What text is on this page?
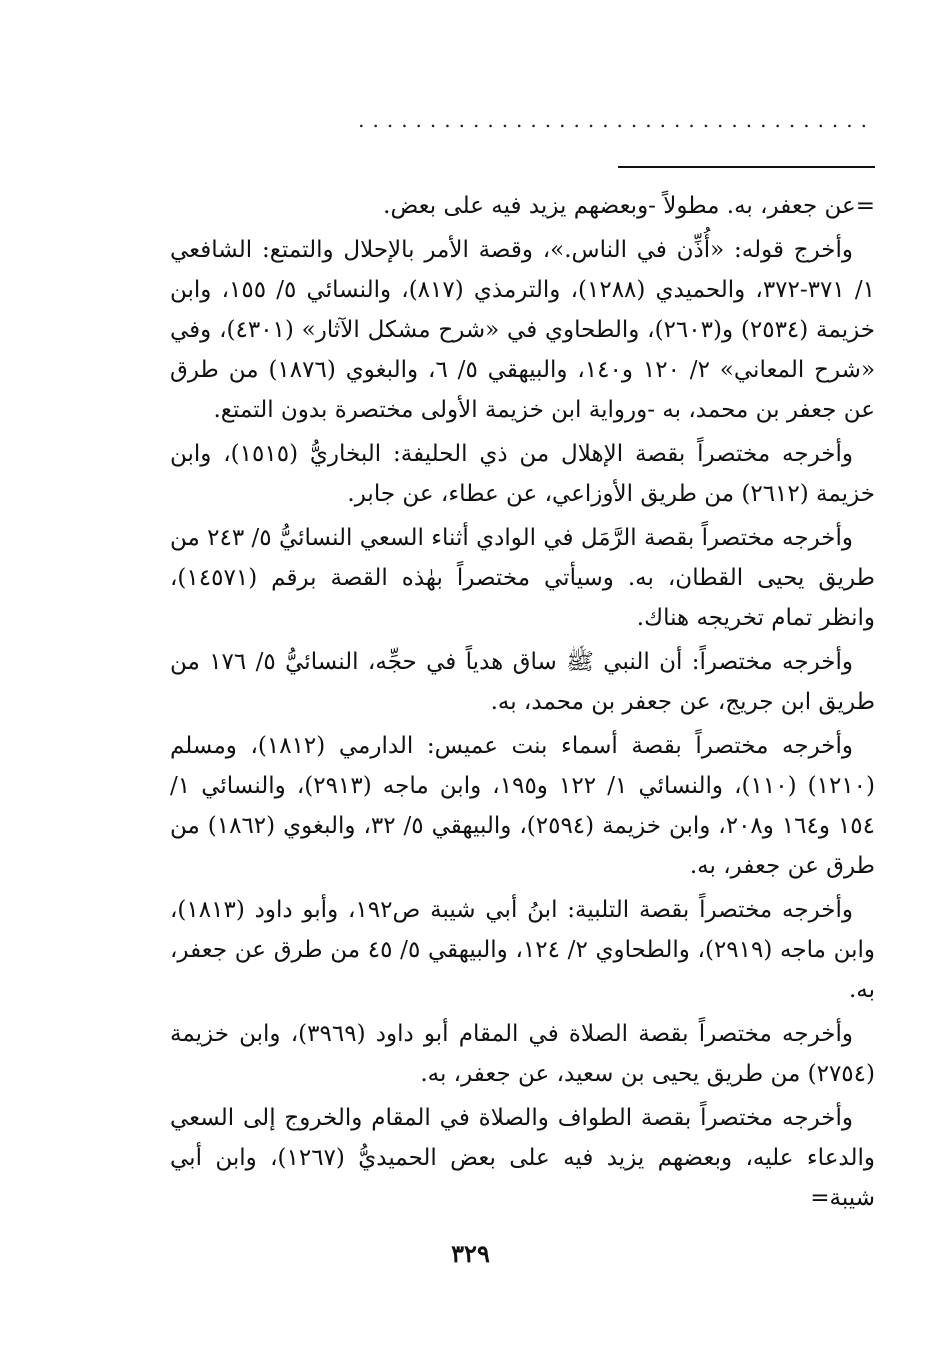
....................................

=عن جعفر، به. مطولاً -وبعضهم يزيد فيه على بعض.

وأخرج قوله: «أُذِّن في الناس.»، وقصة الأمر بالإحلال والتمتع: الشافعي ١/ ٣٧١-٣٧٢، والحميدي (١٢٨٨)، والترمذي (٨١٧)، والنسائي ٥/ ١٥٥، وابن خزيمة (٢٥٣٤) و(٢٦٠٣)، والطحاوي في «شرح مشكل الآثار» (٤٣٠١)، وفي «شرح المعاني» ٢/ ١٢٠ و١٤٠، والبيهقي ٥/ ٦، والبغوي (١٨٧٦) من طرق عن جعفر بن محمد، به -ورواية ابن خزيمة الأولى مختصرة بدون التمتع.

وأخرجه مختصراً بقصة الإهلال من ذي الحليفة: البخاريُّ (١٥١٥)، وابن خزيمة (٢٦١٢) من طريق الأوزاعي، عن عطاء، عن جابر.

وأخرجه مختصراً بقصة الرَّمَل في الوادي أثناء السعي النسائيُّ ٥/ ٢٤٣ من طريق يحيى القطان، به. وسيأتي مختصراً بهٰذه القصة برقم (١٤٥٧١)، وانظر تمام تخريجه هناك.

وأخرجه مختصراً: أن النبي ﷺ ساق هدياً في حجِّه، النسائيُّ ٥/ ١٧٦ من طريق ابن جريج، عن جعفر بن محمد، به.

وأخرجه مختصراً بقصة أسماء بنت عميس: الدارمي (١٨١٢)، ومسلم (١٢١٠) (١١٠)، والنسائي ١/ ١٢٢ و١٩٥، وابن ماجه (٢٩١٣)، والنسائي ١/ ١٥٤ و١٦٤ و٢٠٨، وابن خزيمة (٢٥٩٤)، والبيهقي ٥/ ٣٢، والبغوي (١٨٦٢) من طرق عن جعفر، به.

وأخرجه مختصراً بقصة التلبية: ابنُ أبي شيبة ص١٩٢، وأبو داود (١٨١٣)، وابن ماجه (٢٩١٩)، والطحاوي ٢/ ١٢٤، والبيهقي ٥/ ٤٥ من طرق عن جعفر، به.

وأخرجه مختصراً بقصة الصلاة في المقام أبو داود (٣٩٦٩)، وابن خزيمة (٢٧٥٤) من طريق يحيى بن سعيد، عن جعفر، به.

وأخرجه مختصراً بقصة الطواف والصلاة في المقام والخروج إلى السعي والدعاء عليه، وبعضهم يزيد فيه على بعض الحميديُّ (١٢٦٧)، وابن أبي شيبة=

٣٢٩
